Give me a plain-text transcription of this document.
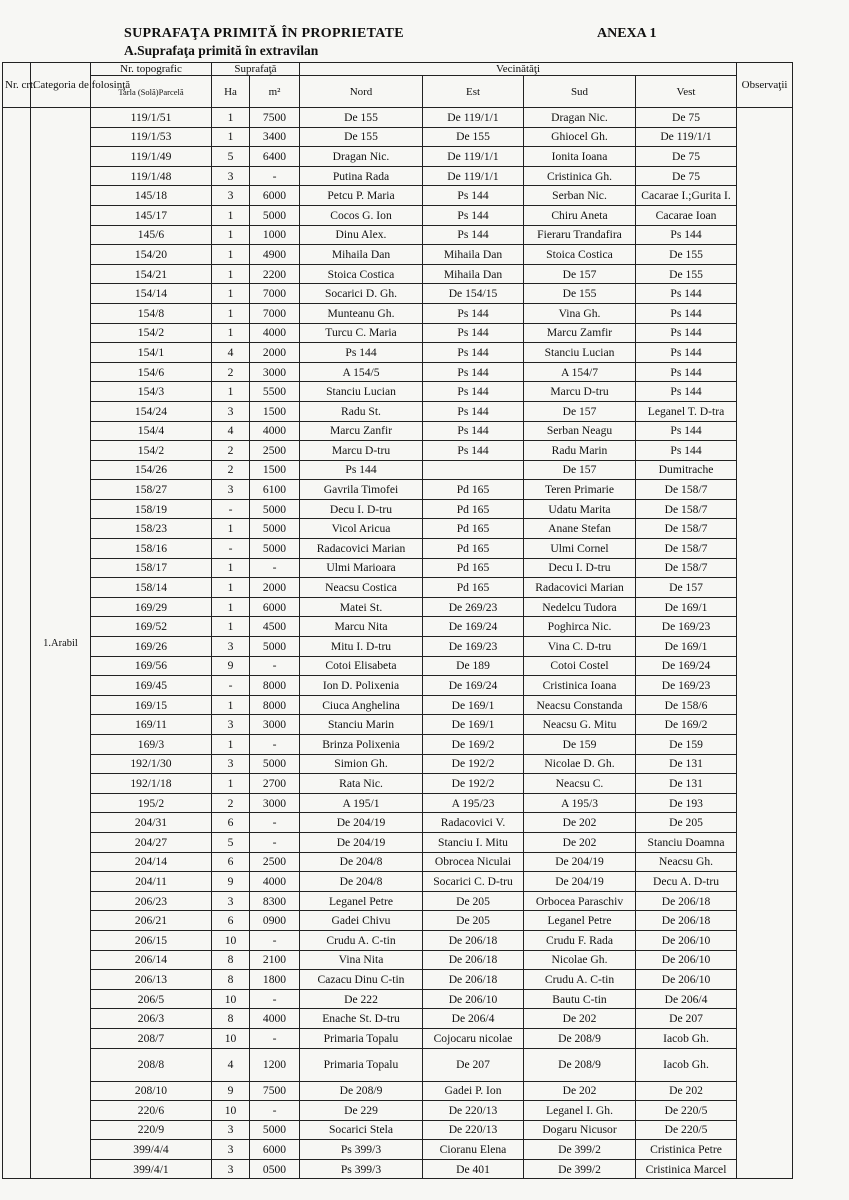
SUPRAFAŢA PRIMITĂ ÎN PROPRIETATE	ANEXA 1
A.Suprafaţa primită în extravilan
Nr. crt.	Categoria de folosinţă	Nr. topografic	Suprafaţă		Vecinătăţi				Observaţii
		Tarla (Solă)Parcelă	Ha	m²	Nord	Est	Sud	Vest	
	1.Arabil	119/1/51	1	7500	De 155	De 119/1/1	Dragan Nic.	De 75	
		119/1/53	1	3400	De 155	De 155	Ghiocel Gh.	De 119/1/1	
		119/1/49	5	6400	Dragan Nic.	De 119/1/1	Ionita Ioana	De 75	
		119/1/48	3	-	Putina Rada	De 119/1/1	Cristinica Gh.	De 75	
		145/18	3	6000	Petcu P. Maria	Ps 144	Serban Nic.	Cacarae I.;Gurita I.	
		145/17	1	5000	Cocos G. Ion	Ps 144	Chiru Aneta	Cacarae Ioan	
		145/6	1	1000	Dinu Alex.	Ps 144	Fieraru Trandafira	Ps 144	
		154/20	1	4900	Mihaila Dan	Mihaila Dan	Stoica Costica	De 155	
		154/21	1	2200	Stoica Costica	Mihaila Dan	De 157	De 155	
		154/14	1	7000	Socarici D. Gh.	De 154/15	De 155	Ps 144	
		154/8	1	7000	Munteanu Gh.	Ps 144	Vina Gh.	Ps 144	
		154/2	1	4000	Turcu C. Maria	Ps 144	Marcu Zamfir	Ps 144	
		154/1	4	2000	Ps 144	Ps 144	Stanciu Lucian	Ps 144	
		154/6	2	3000	A 154/5	Ps 144	A 154/7	Ps 144	
		154/3	1	5500	Stanciu Lucian	Ps 144	Marcu D-tru	Ps 144	
		154/24	3	1500	Radu St.	Ps 144	De 157	Leganel T. D-tra	
		154/4	4	4000	Marcu Zanfir	Ps 144	Serban Neagu	Ps 144	
		154/2	2	2500	Marcu D-tru	Ps 144	Radu Marin	Ps 144	
		154/26	2	1500	Ps 144		De 157	Dumitrache	
		158/27	3	6100	Gavrila Timofei	Pd 165	Teren Primarie	De 158/7	
		158/19	-	5000	Decu I. D-tru	Pd 165	Udatu Marita	De 158/7	
		158/23	1	5000	Vicol Aricua	Pd 165	Anane Stefan	De 158/7	
		158/16	-	5000	Radacovici Marian	Pd 165	Ulmi Cornel	De 158/7	
		158/17	1	-	Ulmi Marioara	Pd 165	Decu I. D-tru	De 158/7	
		158/14	1	2000	Neacsu Costica	Pd 165	Radacovici Marian	De 157	
		169/29	1	6000	Matei St.	De 269/23	Nedelcu Tudora	De 169/1	
		169/52	1	4500	Marcu Nita	De 169/24	Poghirca Nic.	De 169/23	
		169/26	3	5000	Mitu I. D-tru	De 169/23	Vina C. D-tru	De 169/1	
		169/56	9	-	Cotoi Elisabeta	De 189	Cotoi Costel	De 169/24	
		169/45	-	8000	Ion D. Polixenia	De 169/24	Cristinica Ioana	De 169/23	
		169/15	1	8000	Ciuca Anghelina	De 169/1	Neacsu Constanda	De 158/6	
		169/11	3	3000	Stanciu Marin	De 169/1	Neacsu G. Mitu	De 169/2	
		169/3	1	-	Brinza Polixenia	De 169/2	De 159	De 159	
		192/1/30	3	5000	Simion Gh.	De 192/2	Nicolae D. Gh.	De 131	
		192/1/18	1	2700	Rata Nic.	De 192/2	Neacsu C.	De 131	
		195/2	2	3000	A 195/1	A 195/23	A 195/3	De 193	
		204/31	6	-	De 204/19	Radacovici V.	De 202	De 205	
		204/27	5	-	De 204/19	Stanciu I. Mitu	De 202	Stanciu Doamna	
		204/14	6	2500	De 204/8	Obrocea Niculai	De 204/19	Neacsu Gh.	
		204/11	9	4000	De 204/8	Socarici C. D-tru	De 204/19	Decu A. D-tru	
		206/23	3	8300	Leganel Petre	De 205	Orbocea Paraschiv	De 206/18	
		206/21	6	0900	Gadei Chivu	De 205	Leganel Petre	De 206/18	
		206/15	10	-	Crudu A. C-tin	De 206/18	Crudu F. Rada	De 206/10	
		206/14	8	2100	Vina Nita	De 206/18	Nicolae Gh.	De 206/10	
		206/13	8	1800	Cazacu Dinu C-tin	De 206/18	Crudu A. C-tin	De 206/10	
		206/5	10	-	De 222	De 206/10	Bautu C-tin	De 206/4	
		206/3	8	4000	Enache St. D-tru	De 206/4	De 202	De 207	
		208/7	10	-	Primaria Topalu	Cojocaru nicolae	De 208/9	Iacob Gh.	
		208/8	4	1200	Primaria Topalu	De 207	De 208/9	Iacob Gh.	
		208/10	9	7500	De 208/9	Gadei P. Ion	De 202	De 202	
		220/6	10	-	De 229	De 220/13	Leganel I. Gh.	De 220/5	
		220/9	3	5000	Socarici Stela	De 220/13	Dogaru Nicusor	De 220/5	
		399/4/4	3	6000	Ps 399/3	Cioranu Elena	De 399/2	Cristinica Petre	
		399/4/1	3	0500	Ps 399/3	De 401	De 399/2	Cristinica Marcel	
